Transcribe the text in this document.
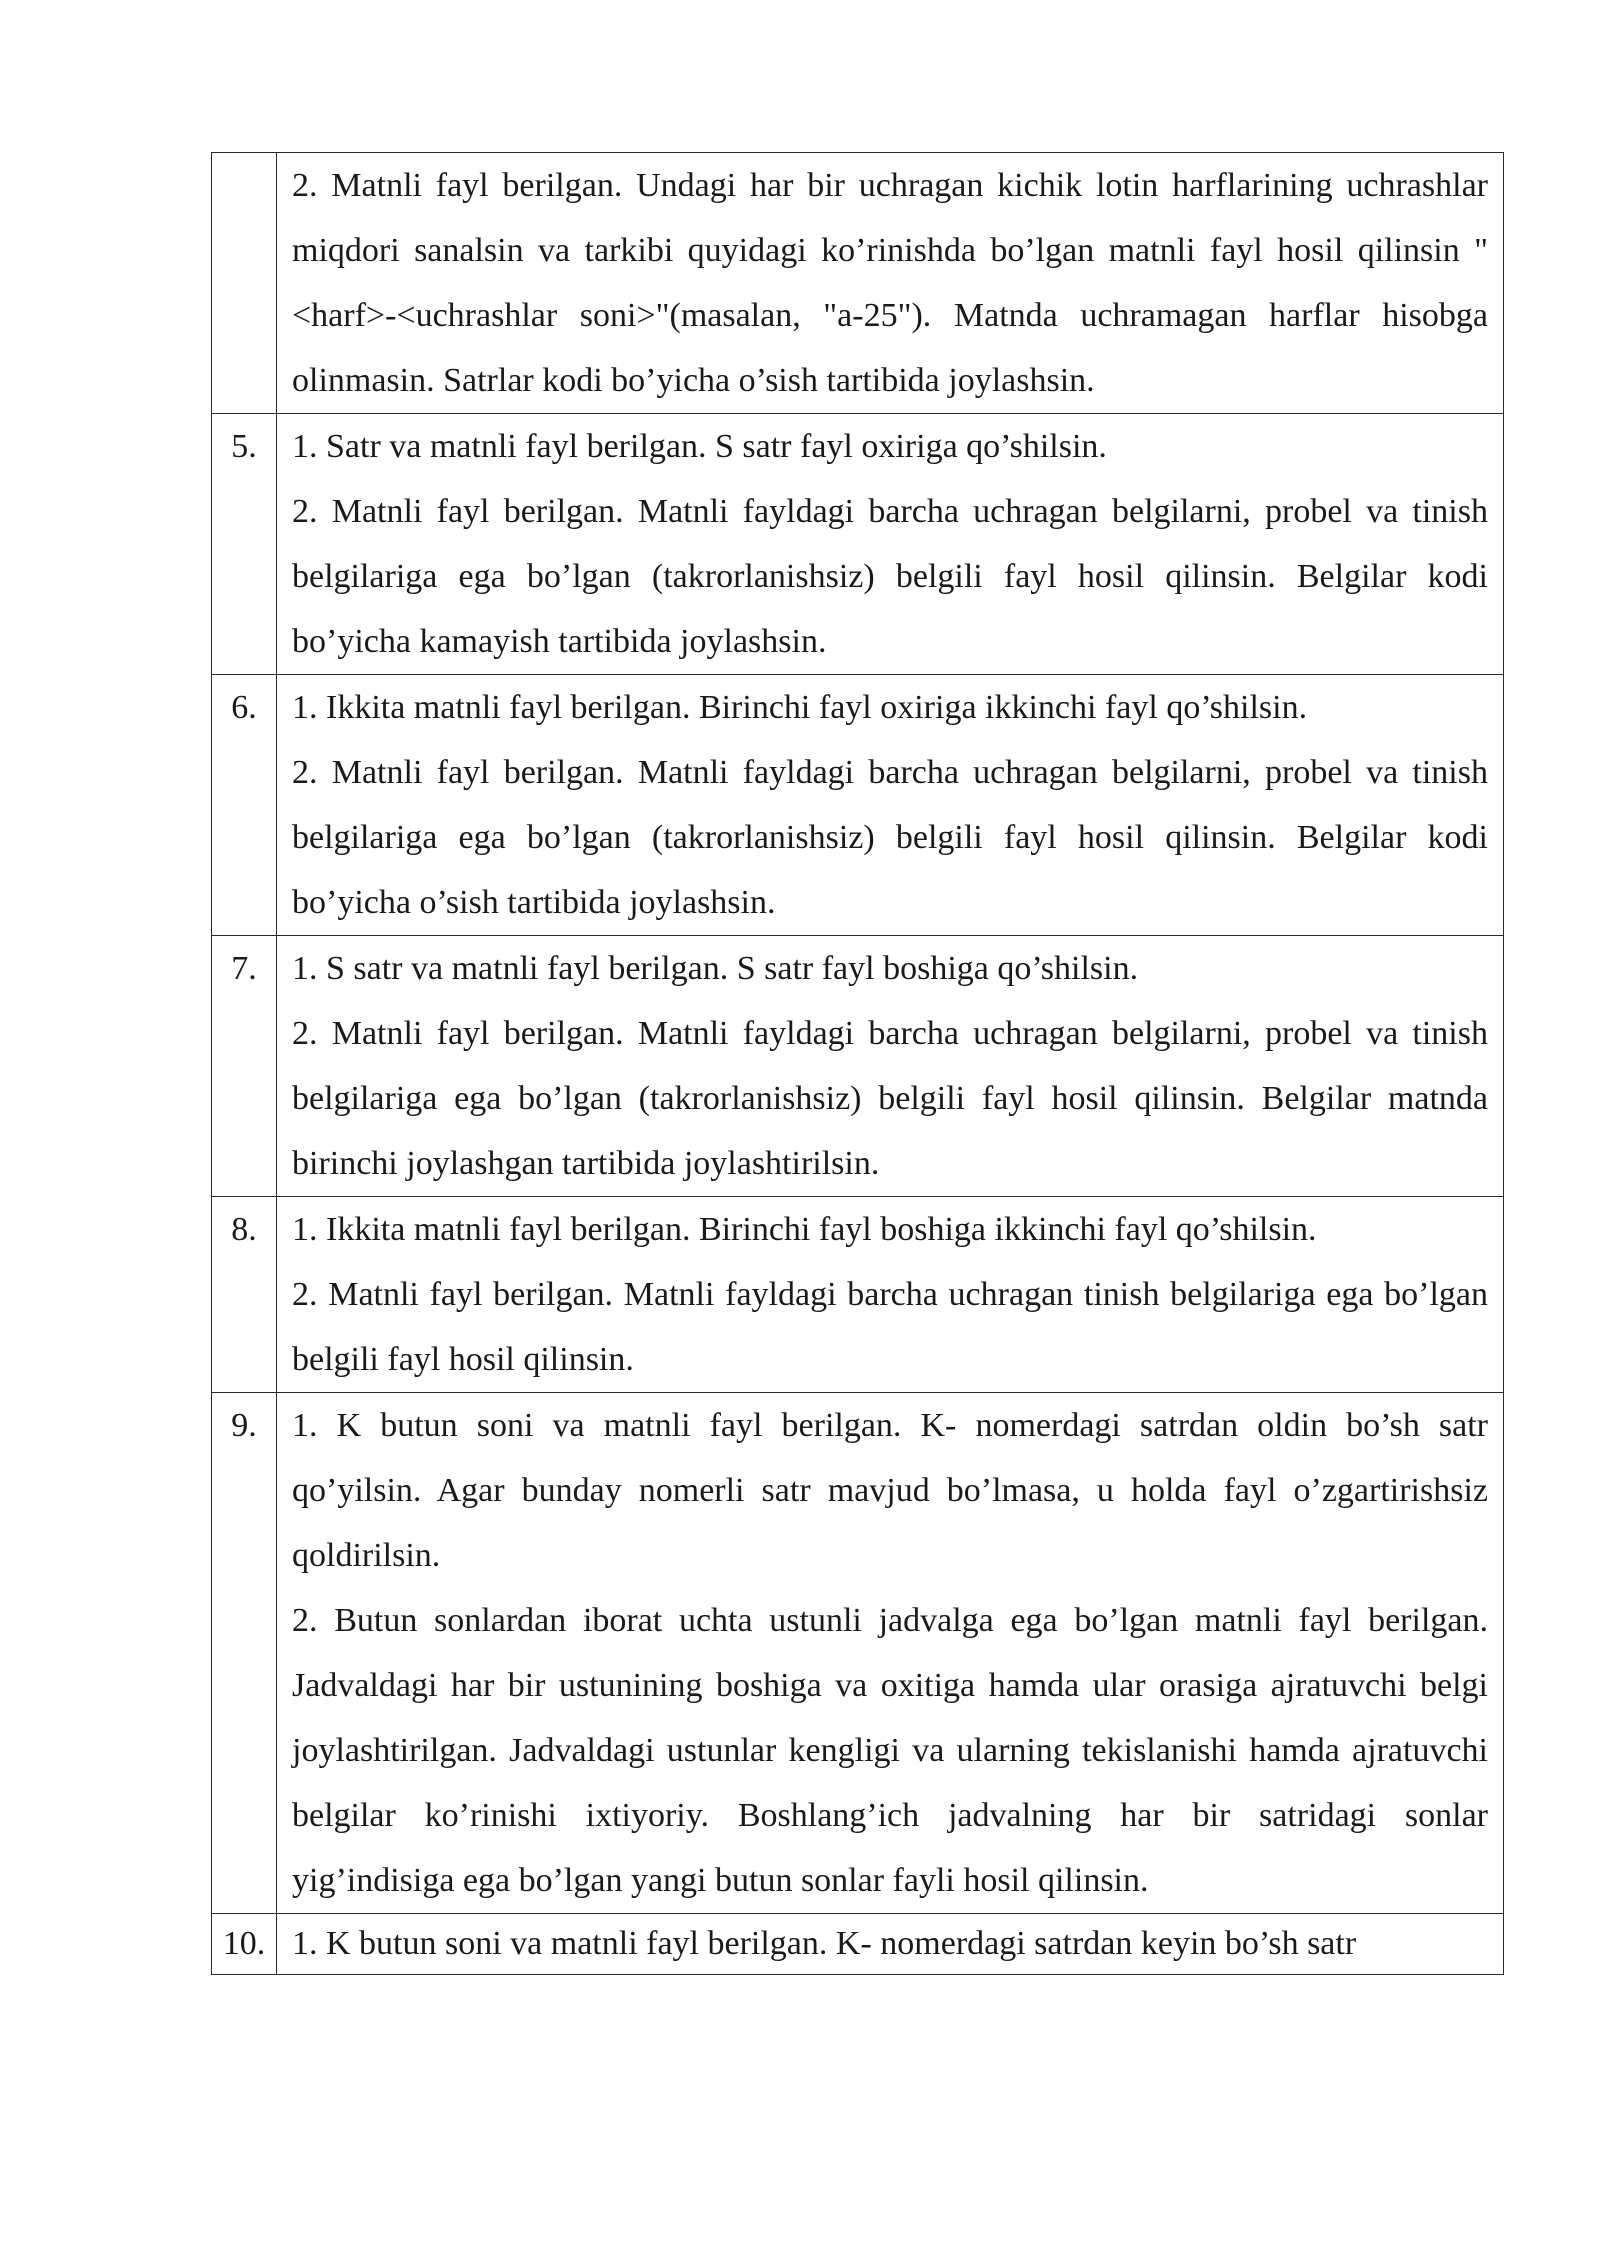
	2. Matnli fayl berilgan. Undagi har bir uchragan kichik lotin harflarining uchrashlar miqdori sanalsin va tarkibi quyidagi ko’rinishda bo’lgan matnli fayl hosil qilinsin "<harf>-<uchrashlar soni>"(masalan, "a-25"). Matnda uchramagan harflar hisobga olinmasin. Satrlar kodi bo’yicha o’sish tartibida joylashsin.

5.	1. Satr va matnli fayl berilgan. S satr fayl oxiriga qo’shilsin.

2. Matnli fayl berilgan. Matnli fayldagi barcha uchragan belgilarni, probel va tinish belgilariga ega bo’lgan (takrorlanishsiz) belgili fayl hosil qilinsin. Belgilar kodi bo’yicha kamayish tartibida joylashsin.

6.	1. Ikkita matnli fayl berilgan. Birinchi fayl oxiriga ikkinchi fayl qo’shilsin.

2. Matnli fayl berilgan. Matnli fayldagi barcha uchragan belgilarni, probel va tinish belgilariga ega bo’lgan (takrorlanishsiz) belgili fayl hosil qilinsin. Belgilar kodi bo’yicha o’sish tartibida joylashsin.

7.	1. S satr va matnli fayl berilgan. S satr fayl boshiga qo’shilsin.

2. Matnli fayl berilgan. Matnli fayldagi barcha uchragan belgilarni, probel va tinish belgilariga ega bo’lgan (takrorlanishsiz) belgili fayl hosil qilinsin. Belgilar matnda birinchi joylashgan tartibida joylashtirilsin.

8.	1. Ikkita matnli fayl berilgan. Birinchi fayl boshiga ikkinchi fayl qo’shilsin.

2. Matnli fayl berilgan. Matnli fayldagi barcha uchragan tinish belgilariga ega bo’lgan belgili fayl hosil qilinsin.

9.	1. K butun soni va matnli fayl berilgan. K- nomerdagi satrdan oldin bo’sh satr qo’yilsin. Agar bunday nomerli satr mavjud bo’lmasa, u holda fayl o’zgartirishsiz qoldirilsin.

2. Butun sonlardan iborat uchta ustunli jadvalga ega bo’lgan matnli fayl berilgan. Jadvaldagi har bir ustunining boshiga va oxitiga hamda ular orasiga ajratuvchi belgi joylashtirilgan. Jadvaldagi ustunlar kengligi va ularning tekislanishi hamda ajratuvchi belgilar ko’rinishi ixtiyoriy. Boshlang’ich jadvalning har bir satridagi sonlar yig’indisiga ega bo’lgan yangi butun sonlar fayli hosil qilinsin.

10.	1. K butun soni va matnli fayl berilgan. K- nomerdagi satrdan keyin bo’sh satr
